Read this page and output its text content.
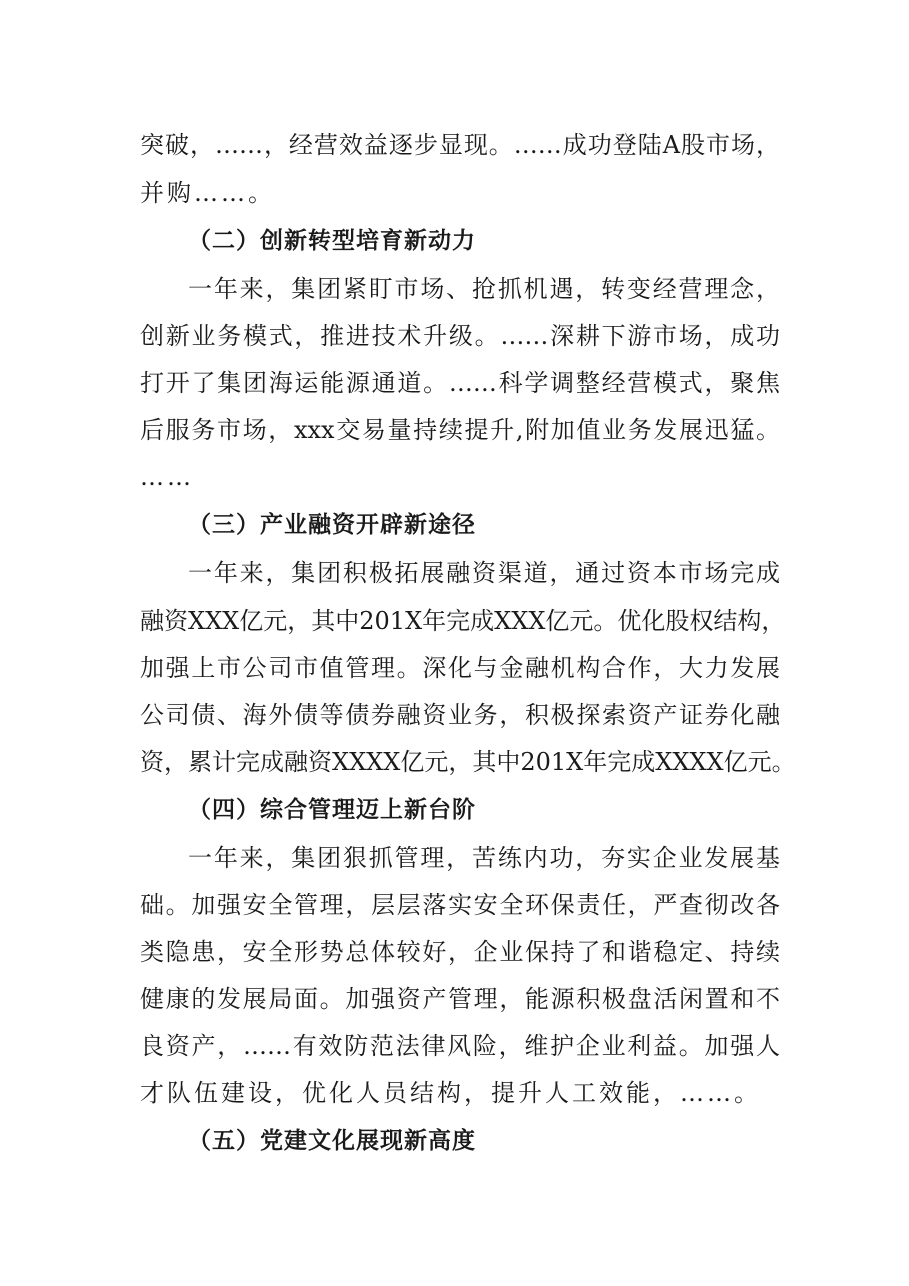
突破，……，经营效益逐步显现。……成功登陆A股市场，
并购……。
（二）创新转型培育新动力
一年来，集团紧盯市场、抢抓机遇，转变经营理念，
创新业务模式，推进技术升级。……深耕下游市场，成功
打开了集团海运能源通道。……科学调整经营模式，聚焦
后服务市场，xxx交易量持续提升,附加值业务发展迅猛。
……
（三）产业融资开辟新途径
一年来，集团积极拓展融资渠道，通过资本市场完成
融资XXX亿元，其中201X年完成XXX亿元。优化股权结构，
加强上市公司市值管理。深化与金融机构合作，大力发展
公司债、海外债等债券融资业务，积极探索资产证券化融
资，累计完成融资XXXX亿元，其中201X年完成XXXX亿元。
（四）综合管理迈上新台阶
一年来，集团狠抓管理，苦练内功，夯实企业发展基
础。加强安全管理，层层落实安全环保责任，严查彻改各
类隐患，安全形势总体较好，企业保持了和谐稳定、持续
健康的发展局面。加强资产管理，能源积极盘活闲置和不
良资产，……有效防范法律风险，维护企业利益。加强人
才队伍建设，优化人员结构，提升人工效能，……。
（五）党建文化展现新高度
